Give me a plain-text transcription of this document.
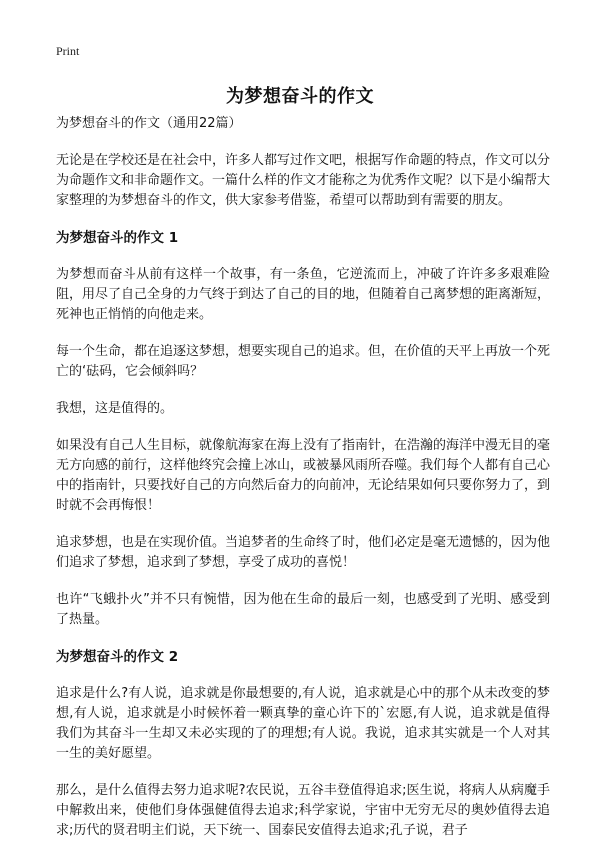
Print
为梦想奋斗的作文

为梦想奋斗的作文（通用22篇）

无论是在学校还是在社会中，许多人都写过作文吧，根据写作命题的特点，作文可以分为命题作文和非命题作文。一篇什么样的作文才能称之为优秀作文呢？以下是小编帮大家整理的为梦想奋斗的作文，供大家参考借鉴，希望可以帮助到有需要的朋友。

为梦想奋斗的作文 1

为梦想而奋斗从前有这样一个故事，有一条鱼，它逆流而上，冲破了许许多多艰难险阻，用尽了自己全身的力气终于到达了自己的目的地，但随着自己离梦想的距离渐短，死神也正悄悄的向他走来。

每一个生命，都在追逐这梦想，想要实现自己的追求。但，在价值的天平上再放一个死亡的‘砝码，它会倾斜吗？

我想，这是值得的。

如果没有自己人生目标，就像航海家在海上没有了指南针，在浩瀚的海洋中漫无目的毫无方向感的前行，这样他终究会撞上冰山，或被暴风雨所吞噬。我们每个人都有自己心中的指南针，只要找好自己的方向然后奋力的向前冲，无论结果如何只要你努力了，到时就不会再悔恨！

追求梦想，也是在实现价值。当追梦者的生命终了时，他们必定是毫无遗憾的，因为他们追求了梦想，追求到了梦想，享受了成功的喜悦！

也许“飞蛾扑火”并不只有惋惜，因为他在生命的最后一刻，也感受到了光明、感受到了热量。

为梦想奋斗的作文 2

追求是什么?有人说，追求就是你最想要的,有人说，追求就是心中的那个从未改变的梦想,有人说，追求就是小时候怀着一颗真挚的童心许下的`宏愿,有人说，追求就是值得我们为其奋斗一生却又未必实现的了的理想;有人说。我说，追求其实就是一个人对其一生的美好愿望。

那么，是什么值得去努力追求呢?农民说，五谷丰登值得追求;医生说，将病人从病魔手中解救出来，使他们身体强健值得去追求;科学家说，宇宙中无穷无尽的奥妙值得去追求;历代的贤君明主们说，天下统一、国泰民安值得去追求;孔子说，君子
